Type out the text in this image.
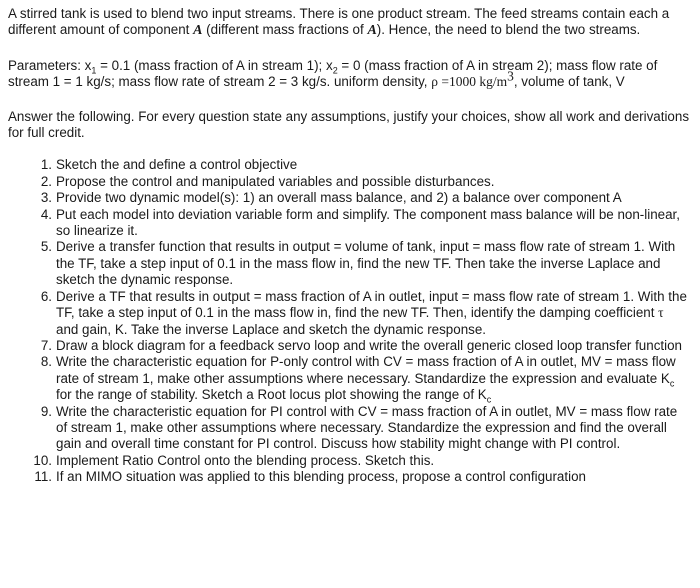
A stirred tank is used to blend two input streams. There is one product stream. The feed streams contain each a different amount of component A (different mass fractions of A). Hence, the need to blend the two streams.

Parameters: $x_1 = 0.1$ (mass fraction of A in stream 1); $x_2 = 0$ (mass fraction of A in stream 2); mass flow rate of stream 1 = 1 kg/s; mass flow rate of stream 2 = 3 kg/s. uniform density, ρ =1000 $kg/m^3$, volume of tank, V

Answer the following. For every question state any assumptions, justify your choices, show all work and derivations for full credit.

1. Sketch the and define a control objective
2. Propose the control and manipulated variables and possible disturbances.
3. Provide two dynamic model(s): 1) an overall mass balance, and 2) a balance over component A
4. Put each model into deviation variable form and simplify. The component mass balance will be non-linear, so linearize it.
5. Derive a transfer function that results in output = volume of tank, input = mass flow rate of stream 1. With the TF, take a step input of 0.1 in the mass flow in, find the new TF. Then take the inverse Laplace and sketch the dynamic response.
6. Derive a TF that results in output = mass fraction of A in outlet, input = mass flow rate of stream 1. With the TF, take a step input of 0.1 in the mass flow in, find the new TF. Then, identify the damping coefficient τ and gain, K. Take the inverse Laplace and sketch the dynamic response.
7. Draw a block diagram for a feedback servo loop and write the overall generic closed loop transfer function
8. Write the characteristic equation for P-only control with CV = mass fraction of A in outlet, MV = mass flow rate of stream 1, make other assumptions where necessary. Standardize the expression and evaluate $K_c$ for the range of stability. Sketch a Root locus plot showing the range of $K_c$
9. Write the characteristic equation for PI control with CV = mass fraction of A in outlet, MV = mass flow rate of stream 1, make other assumptions where necessary. Standardize the expression and find the overall gain and overall time constant for PI control. Discuss how stability might change with PI control.
10. Implement Ratio Control onto the blending process. Sketch this.
11. If an MIMO situation was applied to this blending process, propose a control configuration
